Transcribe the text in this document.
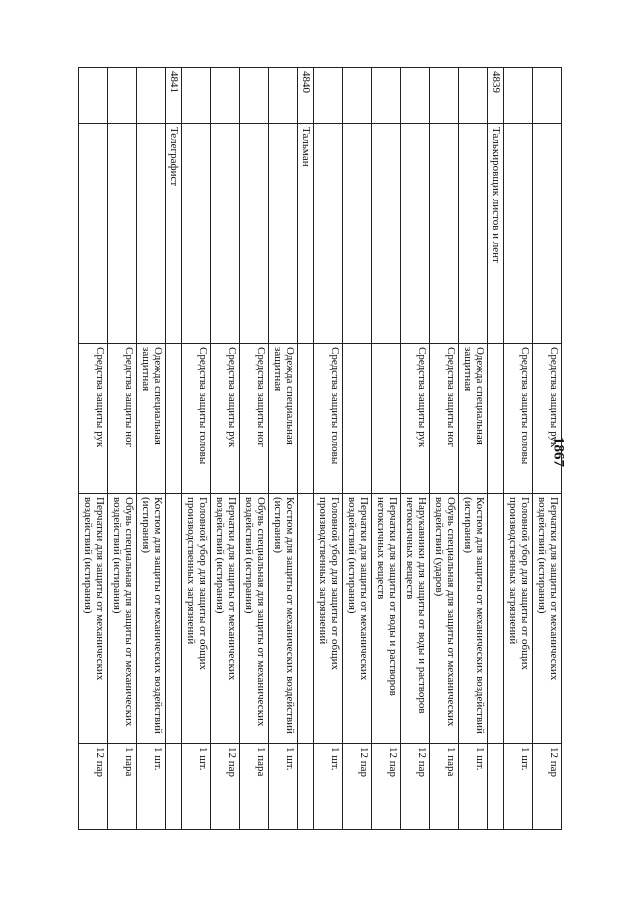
1867
		Средства защиты рук	Перчатки для защиты от механических воздействий (истирания)	12 пар
		Средства защиты головы	Головной убор для защиты от общих производственных загрязнений	1 шт.
4839	Талькировщик листов и лент			
		Одежда специальная защитная	Костюм для защиты от механических воздействий (истирания)	1 шт.
		Средства защиты ног	Обувь специальная для защиты от механических воздействий (ударов)	1 пара
		Средства защиты рук	Нарукавники для защиты от воды и растворов нетоксичных веществ	12 пар
			Перчатки для защиты от воды и растворов нетоксичных веществ	12 пар
			Перчатки для защиты от механических воздействий (истирания)	12 пар
		Средства защиты головы	Головной убор для защиты от общих производственных загрязнений	1 шт.
4840	Тальман			
		Одежда специальная защитная	Костюм для защиты от механических воздействий (истирания)	1 шт.
		Средства защиты ног	Обувь специальная для защиты от механических воздействий (истирания)	1 пара
		Средства защиты рук	Перчатки для защиты от механических воздействий (истирания)	12 пар
		Средства защиты головы	Головной убор для защиты от общих производственных загрязнений	1 шт.
4841	Телеграфист			
		Одежда специальная защитная	Костюм для защиты от механических воздействий (истирания)	1 шт.
		Средства защиты ног	Обувь специальная для защиты от механических воздействий (истирания)	1 пара
		Средства защиты рук	Перчатки для защиты от механических воздействий (истирания)	12 пар
